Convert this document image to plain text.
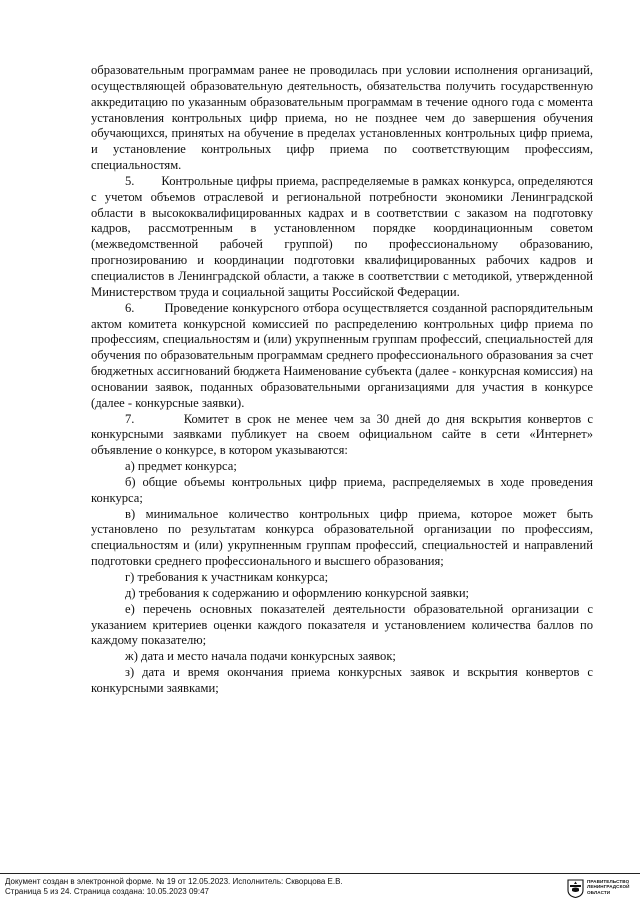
образовательным программам ранее не проводилась при условии исполнения организаций, осуществляющей образовательную деятельность, обязательства получить государственную аккредитацию по указанным образовательным программам в течение одного года с момента установления контрольных цифр приема, но не позднее чем до завершения обучения обучающихся, принятых на обучение в пределах установленных контрольных цифр приема, и установление контрольных цифр приема по соответствующим профессиям, специальностям.

5.        Контрольные цифры приема, распределяемые в рамках конкурса, определяются с учетом объемов отраслевой и региональной потребности экономики Ленинградской области в высококвалифицированных кадрах и в соответствии с заказом на подготовку кадров, рассмотренным в установленном порядке координационным советом (межведомственной рабочей группой) по профессиональному образованию, прогнозированию и координации подготовки квалифицированных рабочих кадров и специалистов в Ленинградской области, а также в соответствии с методикой, утвержденной Министерством труда и социальной защиты Российской Федерации.

6.        Проведение конкурсного отбора осуществляется созданной распорядительным актом комитета конкурсной комиссией по распределению контрольных цифр приема по профессиям, специальностям и (или) укрупненным группам профессий, специальностей для обучения по образовательным программам среднего профессионального образования за счет бюджетных ассигнований бюджета Наименование субъекта (далее - конкурсная комиссия) на основании заявок, поданных образовательными организациями для участия в конкурсе (далее - конкурсные заявки).

7.        Комитет в срок не менее чем за 30 дней до дня вскрытия конвертов с конкурсными заявками публикует на своем официальном сайте в сети «Интернет» объявление о конкурсе, в котором указываются:

а) предмет конкурса;

б) общие объемы контрольных цифр приема, распределяемых в ходе проведения конкурса;

в) минимальное количество контрольных цифр приема, которое может быть установлено по результатам конкурса образовательной организации по профессиям, специальностям и (или) укрупненным группам профессий, специальностей и направлений подготовки среднего профессионального и высшего образования;

г) требования к участникам конкурса;

д) требования к содержанию и оформлению конкурсной заявки;

е) перечень основных показателей деятельности образовательной организации с указанием критериев оценки каждого показателя и установлением количества баллов по каждому показателю;

ж) дата и место начала подачи конкурсных заявок;

з) дата и время окончания приема конкурсных заявок и вскрытия конвертов с конкурсными заявками;

Документ создан в электронной форме. № 19 от 12.05.2023. Исполнитель: Скворцова Е.В.
Страница 5 из 24. Страница создана: 10.05.2023 09:47
ПРАВИТЕЛЬСТВО
ЛЕНИНГРАДСКОЙ
ОБЛАСТИ
